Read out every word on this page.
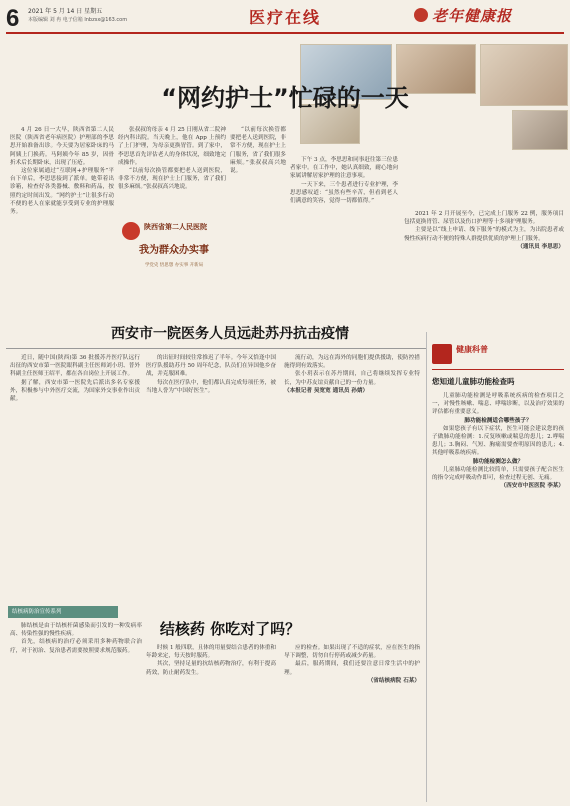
6	2021 年 5 月 14 日 星期五
本版编辑 刘 冉 电子信箱 lnbzsx@163.com	医疗在线	老年健康报
“网约护士”忙碌的一天

4 月 26 日一大早，陕西省第二人民医院（陕西省老年病医院）护理部的李思思开始准备出诊。今天要为居家卧床的马阿姨上门换药。马阿姨今年 85 岁，因骨折术后长期卧床，出现了压疮。

这位家属通过“互联网+护理服务”平台下单后，李思思接到了派单。她带着出诊箱，检查好各类器械、敷料和药品，按照约定时间出发。“网约护士”让很多行动不便的老人在家就能享受到专业的护理服务。

张叔叔的母亲 4 月 25 日刚从省二院神经内科出院。当天晚上，他在 App 上预约了上门护理，为母亲更换胃管。到了家中，李思思首先评估老人的身体状况，细致地完成操作。

“以前每次换管都要把老人送到医院，非常不方便，现在护士上门服务，省了我们很多麻烦。”张叔叔高兴地说。

陕西省第二人民医院
我为群众办实事
学党史 悟思想 办实事 开新局

“以前每次换管都要把老人送到医院，非常不方便，现在护士上门服务，省了我们很多麻烦。”张叔叔高兴地说。

下午 3 点，李思思和同事赶往第三位患者家中。在工作中，她认真细致，耐心地向家属讲解居家护理的注意事项。

一天下来，三个患者进行专业护理，李思思感叹道：“虽然有些辛苦，但看到老人们满意的笑容，觉得一切都值得。”

2021 年 2 月开展至今，已完成上门服务 22 例，服务项目包括更换胃管、尿管以及伤口护理等十多项护理服务。

主要是以“线上申请、线下服务”的模式为主，为出院患者或慢性疾病行动不便的特殊人群提供优质的护理上门服务。

（通讯员 李思思）

西安市一院医务人员远赴苏丹抗击疫情

近日，随中国(陕西)第 36 批援苏丹医疗队远行出征的西安市第一医院眼科副主任医师刘小玥、普外科副主任医师王绍平，都在各自岗位上开展工作。

据了解，西安市第一医院先后派出多名专家援外，积极参与中外医疗交流，为国家外交事业作出贡献。

的出征时间较往常推迟了半年。今年又恰逢中国医疗队援助苏丹 50 周年纪念，队员们在异国他乡奋战，并克服困难。

每次在医疗队中，他们都认真完成每项任务，被当地人誉为“中国好医生”。

流行动，为远在海外的同胞们提供援助，使防控措施得到有效落实。

张小玥表示在苏丹期间，自己将继续发挥专业特长，为中苏友谊贡献自己的一份力量。

（本报记者 吴宽宽 通讯员 孙婧）

健康科普
您知道儿童肺功能检查吗

儿童肺功能检测是呼吸系统疾病的检查项目之一，对慢性咳嗽、喘息、哮喘诊断，以及治疗效果的评估都有重要意义。

肺功能检测适合哪些孩子？

如果您孩子有以下症状，医生可能会建议您的孩子做肺功能检测：1.反复咳嗽或喘息的患儿；2.哮喘患儿；3.胸闷、气短、胸痛需要查明原因的患儿；4.其他呼吸系统疾病。

肺功能检测怎么做？

儿童肺功能检测比较简单，只需要孩子配合医生的指令完成呼吸动作即可，检查过程无创、无痛。

（西安市中医医院 李某）

结核病防治宣传系列
结核药 你吃对了吗？

肺结核是由于结核杆菌感染而引发的一种发病率高、传染性强的慢性疾病。

首先，结核病的治疗必须采用多种药物联合治疗，对于初治、复治患者需要按照要求规范服药。	时候 1 般四联，且体的用量要结合患者的体重和年龄来定，每天按时服药。

其次，坚持足量的抗结核药物治疗，有利于提高药效，防止耐药发生。

应的检查。如果出现了不适的症状，应在医生的指导下调整，切勿自行停药或减少药量。

最后，服药期间，我们还要注意日常生活中的护理。

（省结核病院 石某）
